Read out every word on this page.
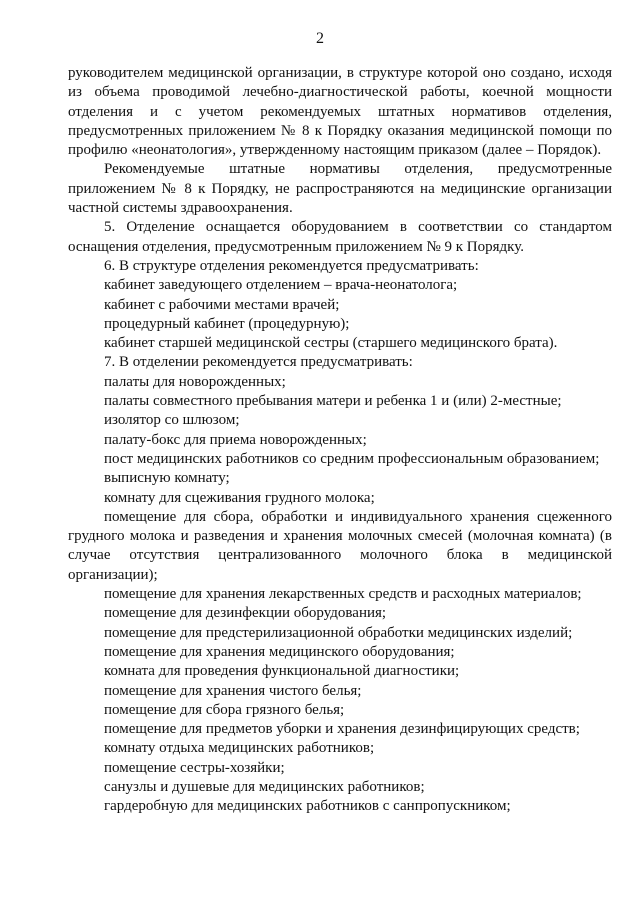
2

руководителем медицинской организации, в структуре которой оно создано, исходя из объема проводимой лечебно-диагностической работы, коечной мощности отделения и с учетом рекомендуемых штатных нормативов отделения, предусмотренных приложением № 8 к Порядку оказания медицинской помощи по профилю «неонатология», утвержденному настоящим приказом (далее – Порядок).

Рекомендуемые штатные нормативы отделения, предусмотренные приложением № 8 к Порядку, не распространяются на медицинские организации частной системы здравоохранения.

5. Отделение оснащается оборудованием в соответствии со стандартом оснащения отделения, предусмотренным приложением № 9 к Порядку.

6. В структуре отделения рекомендуется предусматривать:

кабинет заведующего отделением – врача-неонатолога;

кабинет с рабочими местами врачей;

процедурный кабинет (процедурную);

кабинет старшей медицинской сестры (старшего медицинского брата).

7. В отделении рекомендуется предусматривать:

палаты для новорожденных;

палаты совместного пребывания матери и ребенка 1 и (или) 2-местные;

изолятор со шлюзом;

палату-бокс для приема новорожденных;

пост медицинских работников со средним профессиональным образованием;

выписную комнату;

комнату для сцеживания грудного молока;

помещение для сбора, обработки и индивидуального хранения сцеженного грудного молока и разведения и хранения молочных смесей (молочная комната) (в случае отсутствия централизованного молочного блока в медицинской организации);

помещение для хранения лекарственных средств и расходных материалов;

помещение для дезинфекции оборудования;

помещение для предстерилизационной обработки медицинских изделий;

помещение для хранения медицинского оборудования;

комната для проведения функциональной диагностики;

помещение для хранения чистого белья;

помещение для сбора грязного белья;

помещение для предметов уборки и хранения дезинфицирующих средств;

комнату отдыха медицинских работников;

помещение сестры-хозяйки;

санузлы и душевые для медицинских работников;

гардеробную для медицинских работников с санпропускником;
